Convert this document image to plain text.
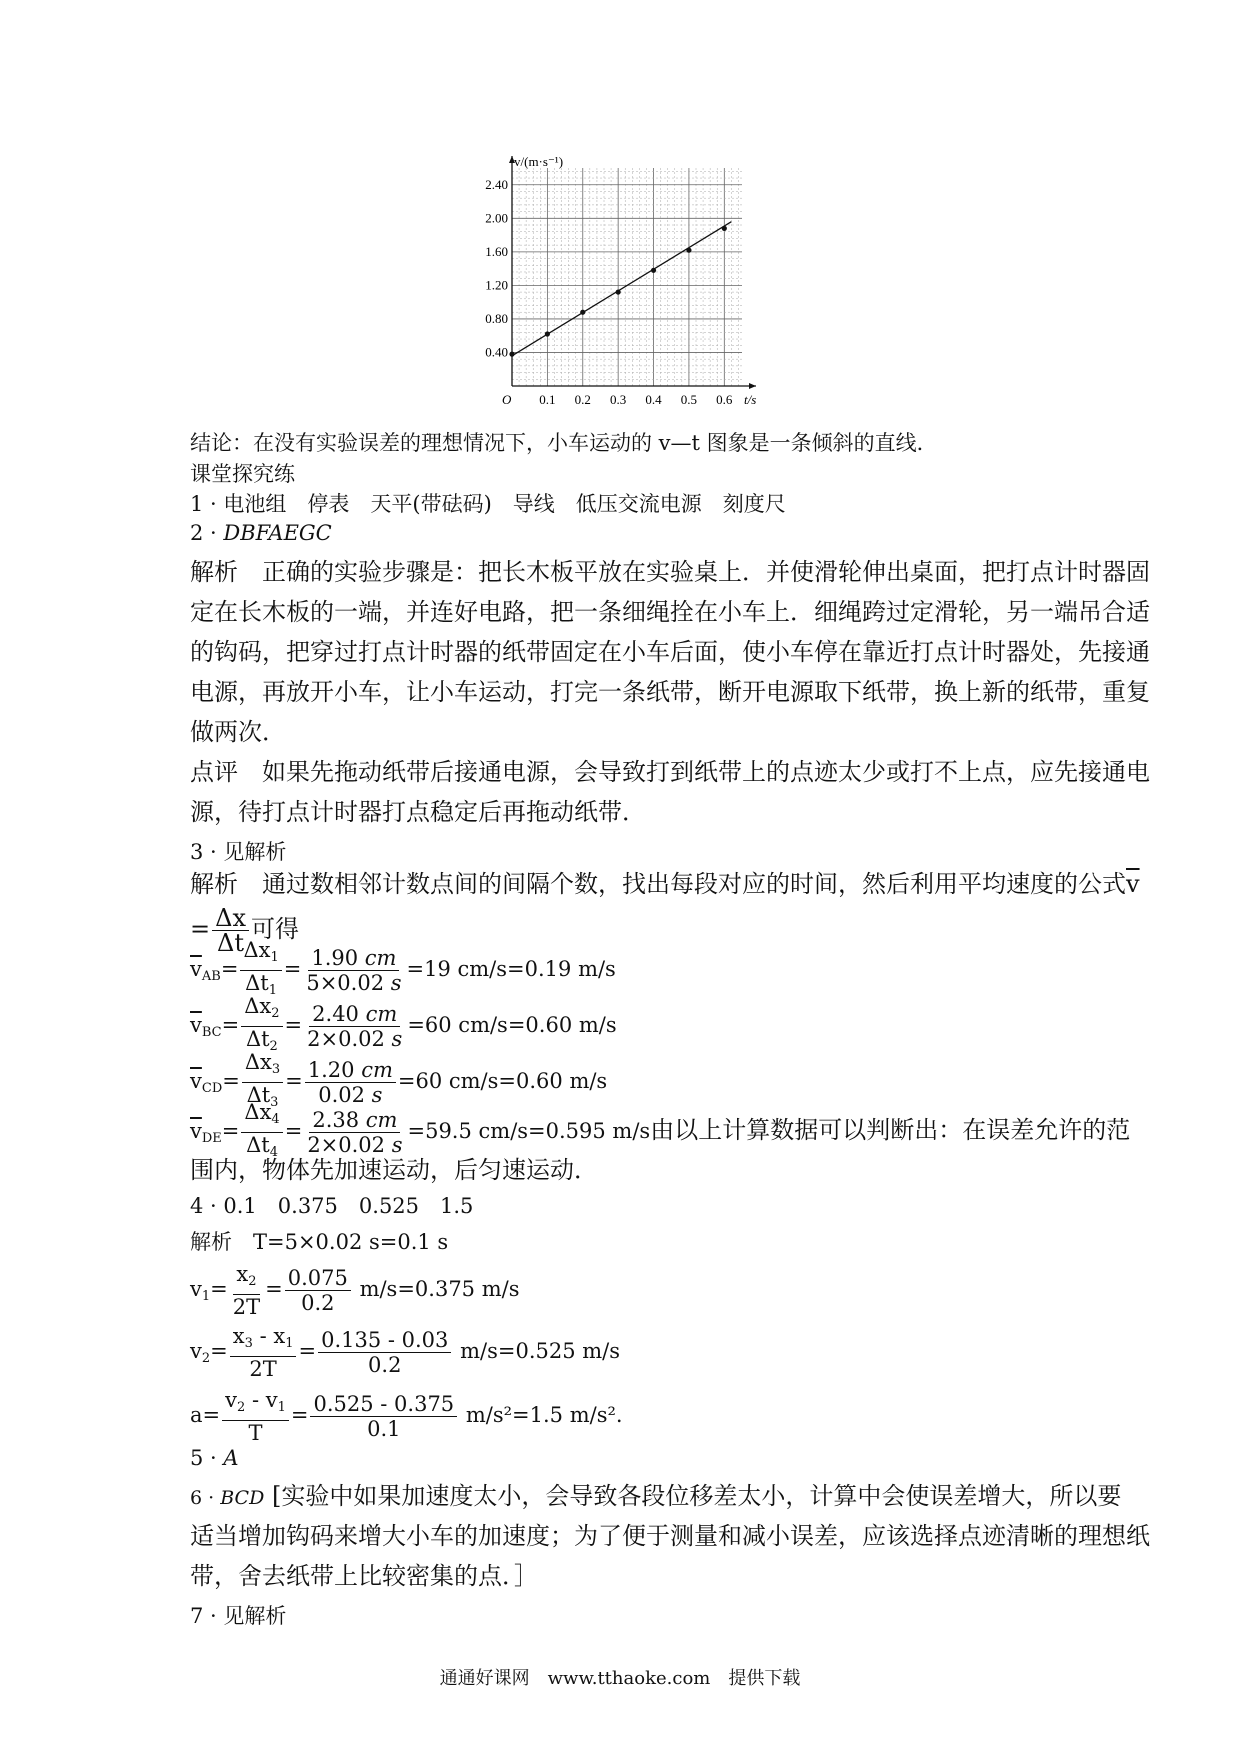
0.1 0.2 0.3 0.4 0.5 0.6
0.40
0.80
1.20
1.60
2.00
2.40
O	t/s
v/(m·s⁻¹)
结论：在没有实验误差的理想情况下，小车运动的 v—t 图象是一条倾斜的直线．
课堂探究练
1 · 电池组　停表　天平(带砝码)　导线　低压交流电源　刻度尺
2 · DBFAEGC
解析　正确的实验步骤是：把长木板平放在实验桌上．并使滑轮伸出桌面，把打点计时器固
定在长木板的一端，并连好电路，把一条细绳拴在小车上．细绳跨过定滑轮，另一端吊合适
的钩码，把穿过打点计时器的纸带固定在小车后面，使小车停在靠近打点计时器处，先接通
电源，再放开小车，让小车运动，打完一条纸带，断开电源取下纸带，换上新的纸带，重复
做两次．
点评　如果先拖动纸带后接通电源，会导致打到纸带上的点迹太少或打不上点，应先接通电
源，待打点计时器打点稳定后再拖动纸带．
3 · 见解析
解析　通过数相邻计数点间的间隔个数，找出每段对应的时间，然后利用平均速度的公式$\overline{v}$
= $\frac{\Delta x}{\Delta t}$ 可得
$\overline{v}_{AB}= \frac{\Delta x_1}{\Delta t_1} = \frac{1.90 cm}{5\times 0.02 s} =19$ cm/s=0.19 m/s
$\overline{v}_{BC}= \frac{\Delta x_2}{\Delta t_2} = \frac{2.40 cm}{2\times 0.02 s} =60$ cm/s=0.60 m/s
$\overline{v}_{CD}= \frac{\Delta x_3}{\Delta t_3} = \frac{1.20 cm}{0.02 s} =60$ cm/s=0.60 m/s
$\overline{v}_{DE}= \frac{\Delta x_4}{\Delta t_4} = \frac{2.38 cm}{2\times 0.02 s} =59.5$ cm/s=0.595 m/s由以上计算数据可以判断出：在误差允许的范
围内，物体先加速运动，后匀速运动．
4 · 0.1　0.375　0.525　1.5
解析　T=5×0.02 s=0.1 s
$v_1= \frac{x_2}{2T} = \frac{0.075}{0.2} m/s=0.375$ m/s
$v_2= \frac{x_3 - x_1}{2T} = \frac{0.135 - 0.03}{0.2} m/s=0.525$ m/s
$a= \frac{v_2 - v_1}{T} = \frac{0.525 - 0.375}{0.1} m/s^2=1.5$ m/s².
5 · A
6 · BCD [实验中如果加速度太小，会导致各段位移差太小，计算中会使误差增大，所以要
适当增加钩码来增大小车的加速度；为了便于测量和减小误差，应该选择点迹清晰的理想纸
带，舍去纸带上比较密集的点．］
7 · 见解析
通通好课网　www.tthaoke.com　提供下载
